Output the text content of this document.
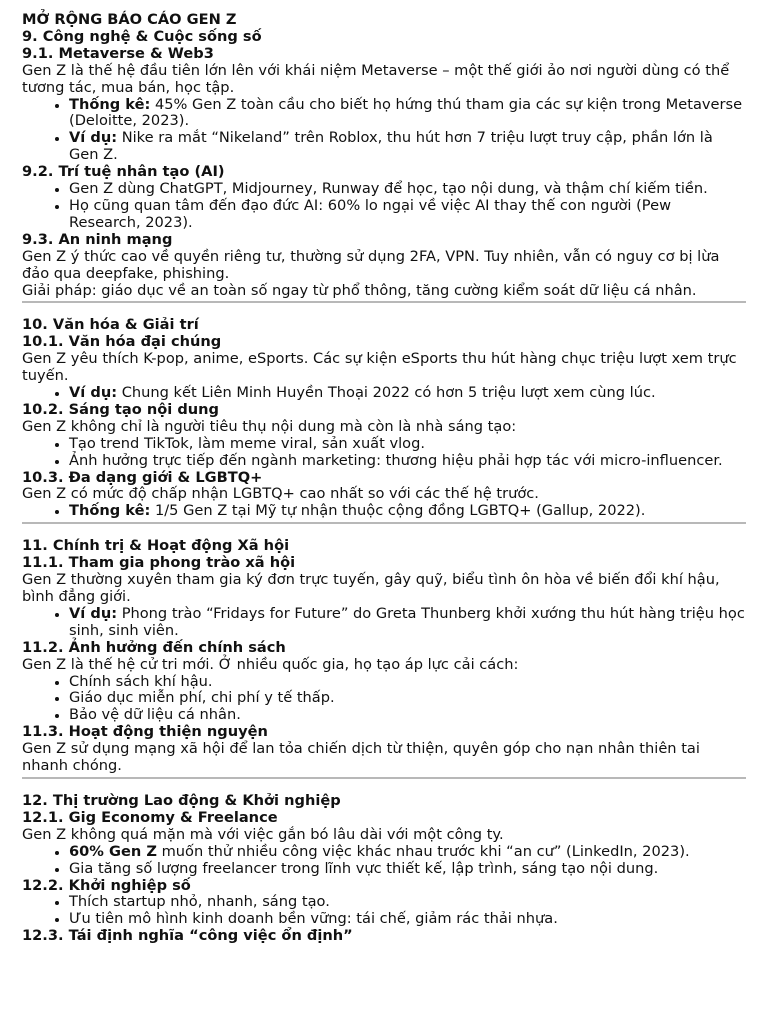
MỞ RỘNG BÁO CÁO GEN Z

9. Công nghệ & Cuộc sống số

9.1. Metaverse & Web3

Gen Z là thế hệ đầu tiên lớn lên với khái niệm Metaverse – một thế giới ảo nơi người dùng có thể tương tác, mua bán, học tập.

• Thống kê: 45% Gen Z toàn cầu cho biết họ hứng thú tham gia các sự kiện trong Metaverse (Deloitte, 2023).
• Ví dụ: Nike ra mắt “Nikeland” trên Roblox, thu hút hơn 7 triệu lượt truy cập, phần lớn là Gen Z.

9.2. Trí tuệ nhân tạo (AI)

• Gen Z dùng ChatGPT, Midjourney, Runway để học, tạo nội dung, và thậm chí kiếm tiền.
• Họ cũng quan tâm đến đạo đức AI: 60% lo ngại về việc AI thay thế con người (Pew Research, 2023).

9.3. An ninh mạng

Gen Z ý thức cao về quyền riêng tư, thường sử dụng 2FA, VPN. Tuy nhiên, vẫn có nguy cơ bị lừa đảo qua deepfake, phishing.

Giải pháp: giáo dục về an toàn số ngay từ phổ thông, tăng cường kiểm soát dữ liệu cá nhân.

10. Văn hóa & Giải trí

10.1. Văn hóa đại chúng

Gen Z yêu thích K-pop, anime, eSports. Các sự kiện eSports thu hút hàng chục triệu lượt xem trực tuyến.

• Ví dụ: Chung kết Liên Minh Huyền Thoại 2022 có hơn 5 triệu lượt xem cùng lúc.

10.2. Sáng tạo nội dung

Gen Z không chỉ là người tiêu thụ nội dung mà còn là nhà sáng tạo:

• Tạo trend TikTok, làm meme viral, sản xuất vlog.
• Ảnh hưởng trực tiếp đến ngành marketing: thương hiệu phải hợp tác với micro-influencer.

10.3. Đa dạng giới & LGBTQ+

Gen Z có mức độ chấp nhận LGBTQ+ cao nhất so với các thế hệ trước.

• Thống kê: 1/5 Gen Z tại Mỹ tự nhận thuộc cộng đồng LGBTQ+ (Gallup, 2022).

11. Chính trị & Hoạt động Xã hội

11.1. Tham gia phong trào xã hội

Gen Z thường xuyên tham gia ký đơn trực tuyến, gây quỹ, biểu tình ôn hòa về biến đổi khí hậu, bình đẳng giới.

• Ví dụ: Phong trào “Fridays for Future” do Greta Thunberg khởi xướng thu hút hàng triệu học sinh, sinh viên.

11.2. Ảnh hưởng đến chính sách

Gen Z là thế hệ cử tri mới. Ở nhiều quốc gia, họ tạo áp lực cải cách:

• Chính sách khí hậu.
• Giáo dục miễn phí, chi phí y tế thấp.
• Bảo vệ dữ liệu cá nhân.

11.3. Hoạt động thiện nguyện

Gen Z sử dụng mạng xã hội để lan tỏa chiến dịch từ thiện, quyên góp cho nạn nhân thiên tai nhanh chóng.

12. Thị trường Lao động & Khởi nghiệp

12.1. Gig Economy & Freelance

Gen Z không quá mặn mà với việc gắn bó lâu dài với một công ty.

• 60% Gen Z muốn thử nhiều công việc khác nhau trước khi “an cư” (LinkedIn, 2023).
• Gia tăng số lượng freelancer trong lĩnh vực thiết kế, lập trình, sáng tạo nội dung.

12.2. Khởi nghiệp số

• Thích startup nhỏ, nhanh, sáng tạo.
• Ưu tiên mô hình kinh doanh bền vững: tái chế, giảm rác thải nhựa.

12.3. Tái định nghĩa “công việc ổn định”
